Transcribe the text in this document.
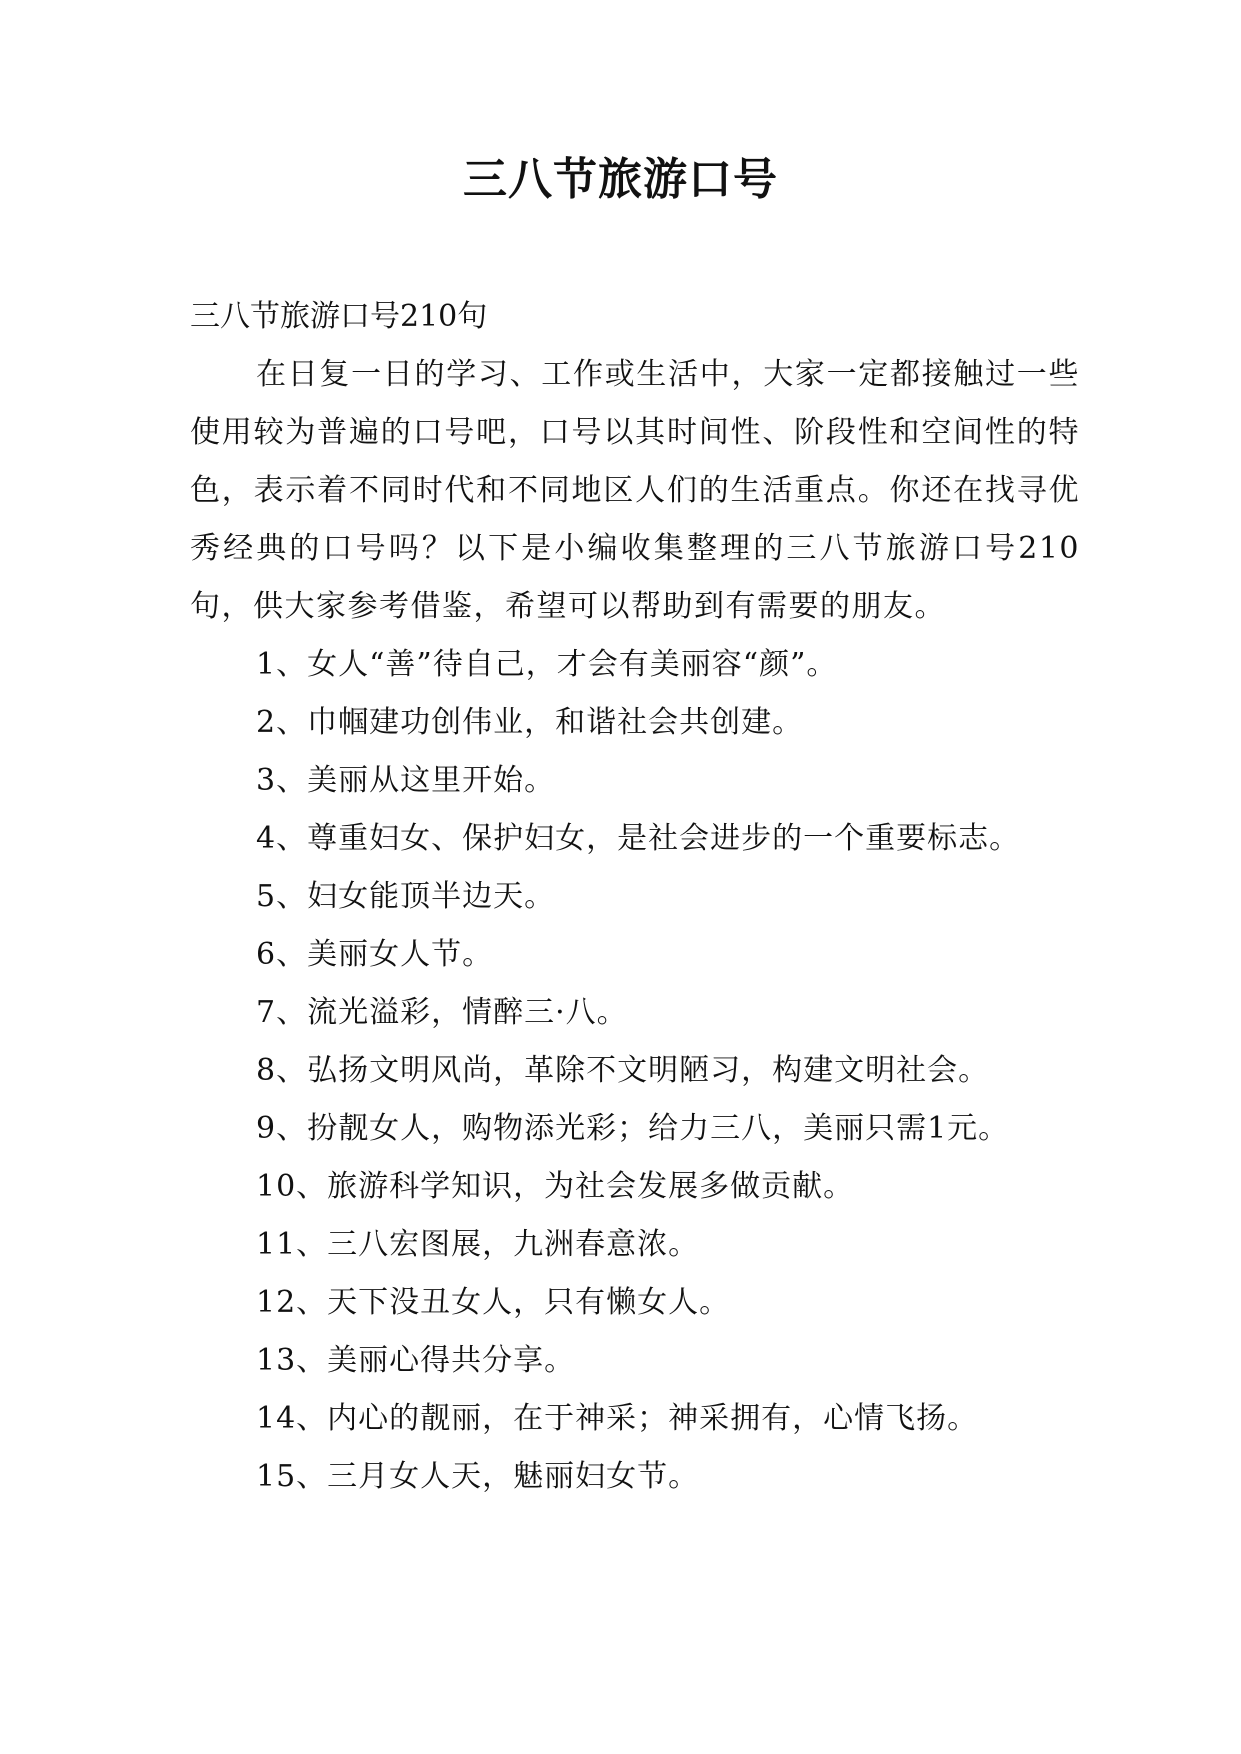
三八节旅游口号

三八节旅游口号210句

在日复一日的学习、工作或生活中，大家一定都接触过一些使用较为普遍的口号吧，口号以其时间性、阶段性和空间性的特色，表示着不同时代和不同地区人们的生活重点。你还在找寻优秀经典的口号吗？以下是小编收集整理的三八节旅游口号210句，供大家参考借鉴，希望可以帮助到有需要的朋友。

1、女人“善”待自己，才会有美丽容“颜”。
2、巾帼建功创伟业，和谐社会共创建。
3、美丽从这里开始。
4、尊重妇女、保护妇女，是社会进步的一个重要标志。
5、妇女能顶半边天。
6、美丽女人节。
7、流光溢彩，情醉三·八。
8、弘扬文明风尚，革除不文明陋习，构建文明社会。
9、扮靓女人，购物添光彩；给力三八，美丽只需1元。
10、旅游科学知识，为社会发展多做贡献。
11、三八宏图展，九洲春意浓。
12、天下没丑女人，只有懒女人。
13、美丽心得共分享。
14、内心的靓丽，在于神采；神采拥有，心情飞扬。
15、三月女人天，魅丽妇女节。
